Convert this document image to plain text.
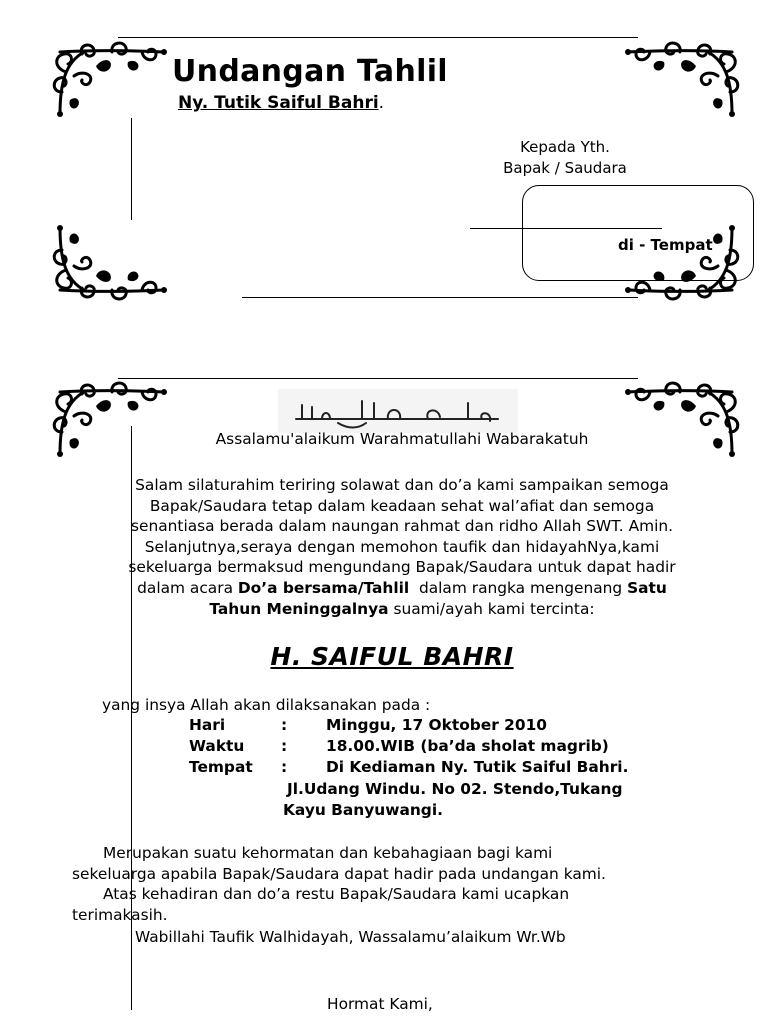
Undangan Tahlil
Ny. Tutik Saiful Bahri.
Kepada Yth.
Bapak / Saudara
di - Tempat
Assalamu'alaikum Warahmatullahi Wabarakatuh

Salam silaturahim teriring solawat dan do’a kami sampaikan semoga

Bapak/Saudara tetap dalam keadaan sehat wal’afiat dan semoga

senantiasa berada dalam naungan rahmat dan ridho Allah SWT. Amin.

Selanjutnya,seraya dengan memohon taufik dan hidayahNya,kami

sekeluarga bermaksud mengundang Bapak/Saudara untuk dapat hadir

dalam acara Do’a bersama/Tahlil  dalam rangka mengenang Satu

Tahun Meninggalnya suami/ayah kami tercinta:

H. SAIFUL BAHRI
yang insya Allah akan dilaksanakan pada :
Hari	:	Minggu, 17 Oktober 2010
Waktu :	18.00.WIB (ba’da sholat magrib)
Tempat :	Di Kediaman Ny. Tutik Saiful Bahri.
Jl.Udang Windu. No 02. Stendo,Tukang
Kayu Banyuwangi.

Merupakan suatu kehormatan dan kebahagiaan bagi kami

sekeluarga apabila Bapak/Saudara dapat hadir pada undangan kami.

Atas kehadiran dan do’a restu Bapak/Saudara kami ucapkan

terimakasih.

Wabillahi Taufik Walhidayah, Wassalamu’alaikum Wr.Wb
Hormat Kami,
